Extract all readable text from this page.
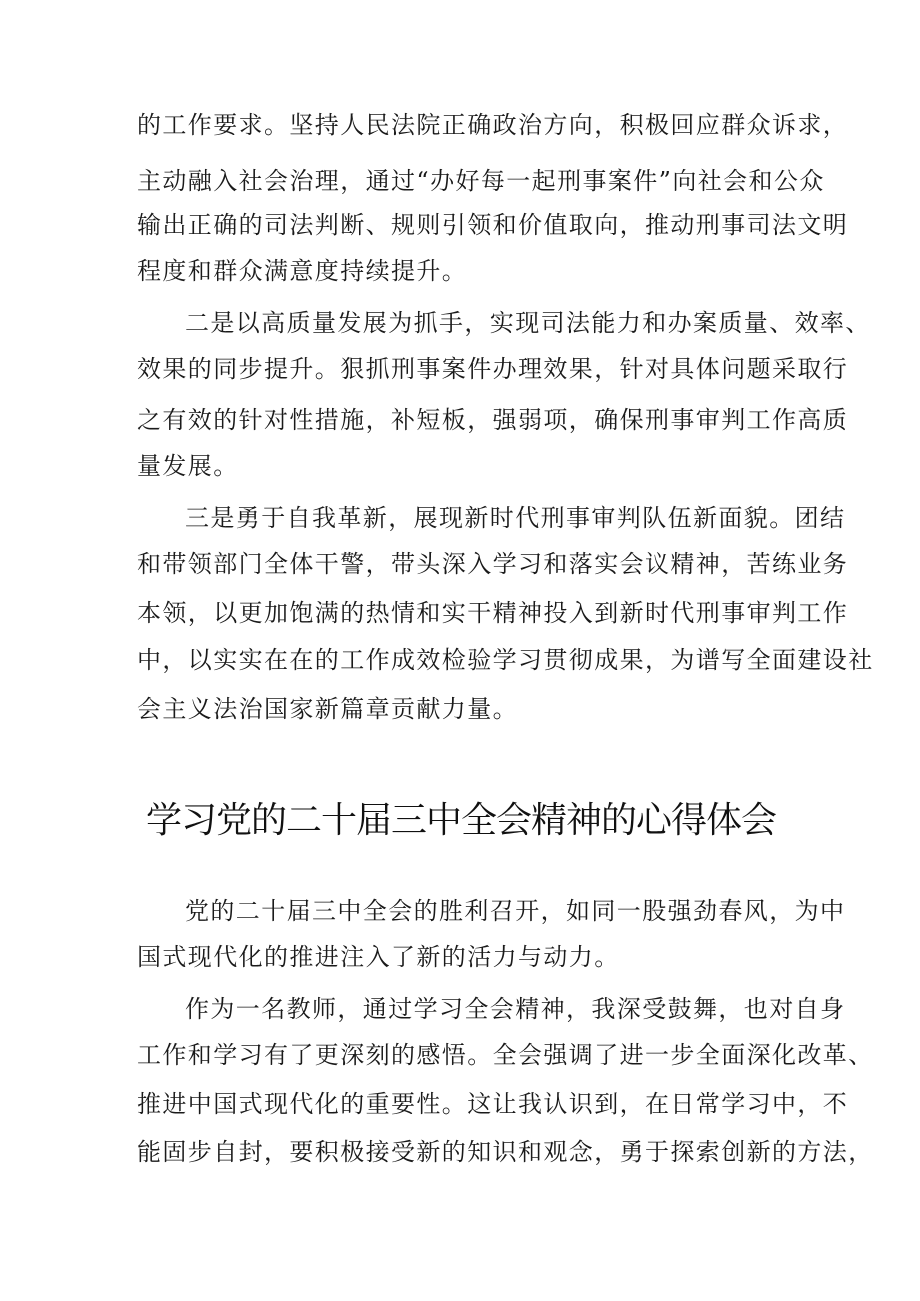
的工作要求。坚持人民法院正确政治方向，积极回应群众诉求，
主动融入社会治理，通过“办好每一起刑事案件”向社会和公众
输出正确的司法判断、规则引领和价值取向，推动刑事司法文明
程度和群众满意度持续提升。
二是以高质量发展为抓手，实现司法能力和办案质量、效率、
效果的同步提升。狠抓刑事案件办理效果，针对具体问题采取行
之有效的针对性措施，补短板，强弱项，确保刑事审判工作高质
量发展。
三是勇于自我革新，展现新时代刑事审判队伍新面貌。团结
和带领部门全体干警，带头深入学习和落实会议精神，苦练业务
本领，以更加饱满的热情和实干精神投入到新时代刑事审判工作
中，以实实在在的工作成效检验学习贯彻成果，为谱写全面建设社
会主义法治国家新篇章贡献力量。
学习党的二十届三中全会精神的心得体会
党的二十届三中全会的胜利召开，如同一股强劲春风，为中
国式现代化的推进注入了新的活力与动力。
作为一名教师，通过学习全会精神，我深受鼓舞，也对自身
工作和学习有了更深刻的感悟。全会强调了进一步全面深化改革、
推进中国式现代化的重要性。这让我认识到，在日常学习中，不
能固步自封，要积极接受新的知识和观念，勇于探索创新的方法，
